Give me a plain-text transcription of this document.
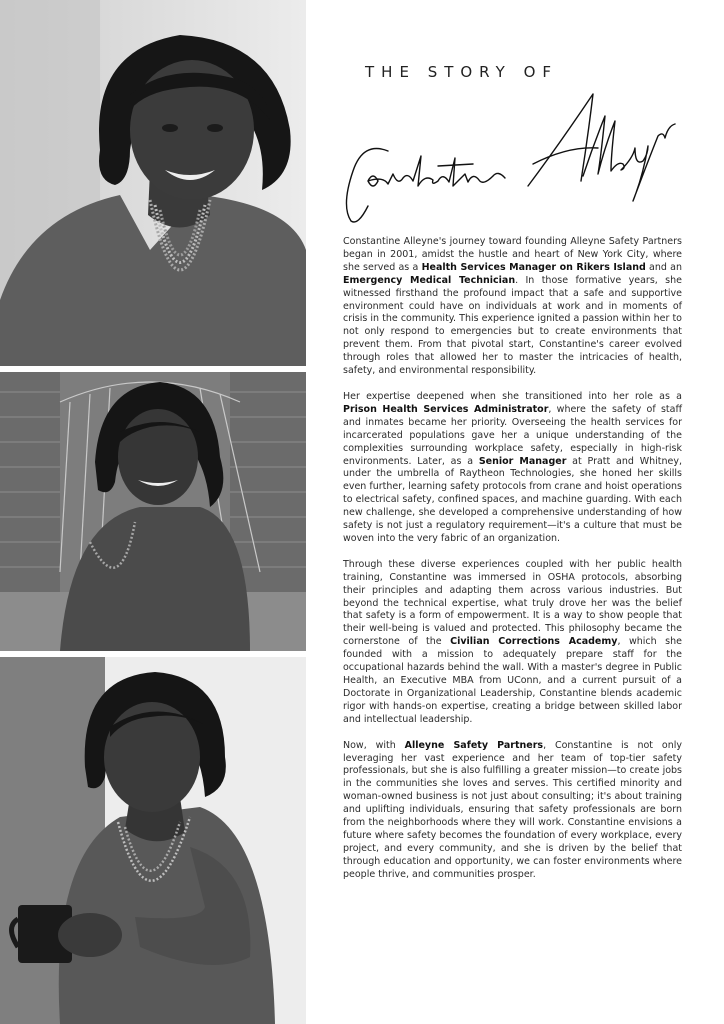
THE STORY OF

Constantine Alleyne's journey toward founding Alleyne Safety Partners began in 2001, amidst the hustle and heart of New York City, where she served as a Health Services Manager on Rikers Island and an Emergency Medical Technician. In those formative years, she witnessed firsthand the profound impact that a safe and supportive environment could have on individuals at work and in moments of crisis in the community. This experience ignited a passion within her to not only respond to emergencies but to create environments that prevent them. From that pivotal start, Constantine's career evolved through roles that allowed her to master the intricacies of health, safety, and environmental responsibility.

Her expertise deepened when she transitioned into her role as a Prison Health Services Administrator, where the safety of staff and inmates became her priority. Overseeing the health services for incarcerated populations gave her a unique understanding of the complexities surrounding workplace safety, especially in high-risk environments. Later, as a Senior Manager at Pratt and Whitney, under the umbrella of Raytheon Technologies, she honed her skills even further, learning safety protocols from crane and hoist operations to electrical safety, confined spaces, and machine guarding. With each new challenge, she developed a comprehensive understanding of how safety is not just a regulatory requirement—it's a culture that must be woven into the very fabric of an organization.

Through these diverse experiences coupled with her public health training, Constantine was immersed in OSHA protocols, absorbing their principles and adapting them across various industries. But beyond the technical expertise, what truly drove her was the belief that safety is a form of empowerment. It is a way to show people that their well-being is valued and protected. This philosophy became the cornerstone of the Civilian Corrections Academy, which she founded with a mission to adequately prepare staff for the occupational hazards behind the wall. With a master's degree in Public Health, an Executive MBA from UConn, and a current pursuit of a Doctorate in Organizational Leadership, Constantine blends academic rigor with hands-on expertise, creating a bridge between skilled labor and intellectual leadership.

Now, with Alleyne Safety Partners, Constantine is not only leveraging her vast experience and her team of top-tier safety professionals, but she is also fulfilling a greater mission—to create jobs in the communities she loves and serves. This certified minority and woman-owned business is not just about consulting; it's about training and uplifting individuals, ensuring that safety professionals are born from the neighborhoods where they will work. Constantine envisions a future where safety becomes the foundation of every workplace, every project, and every community, and she is driven by the belief that through education and opportunity, we can foster environments where people thrive, and communities prosper.
